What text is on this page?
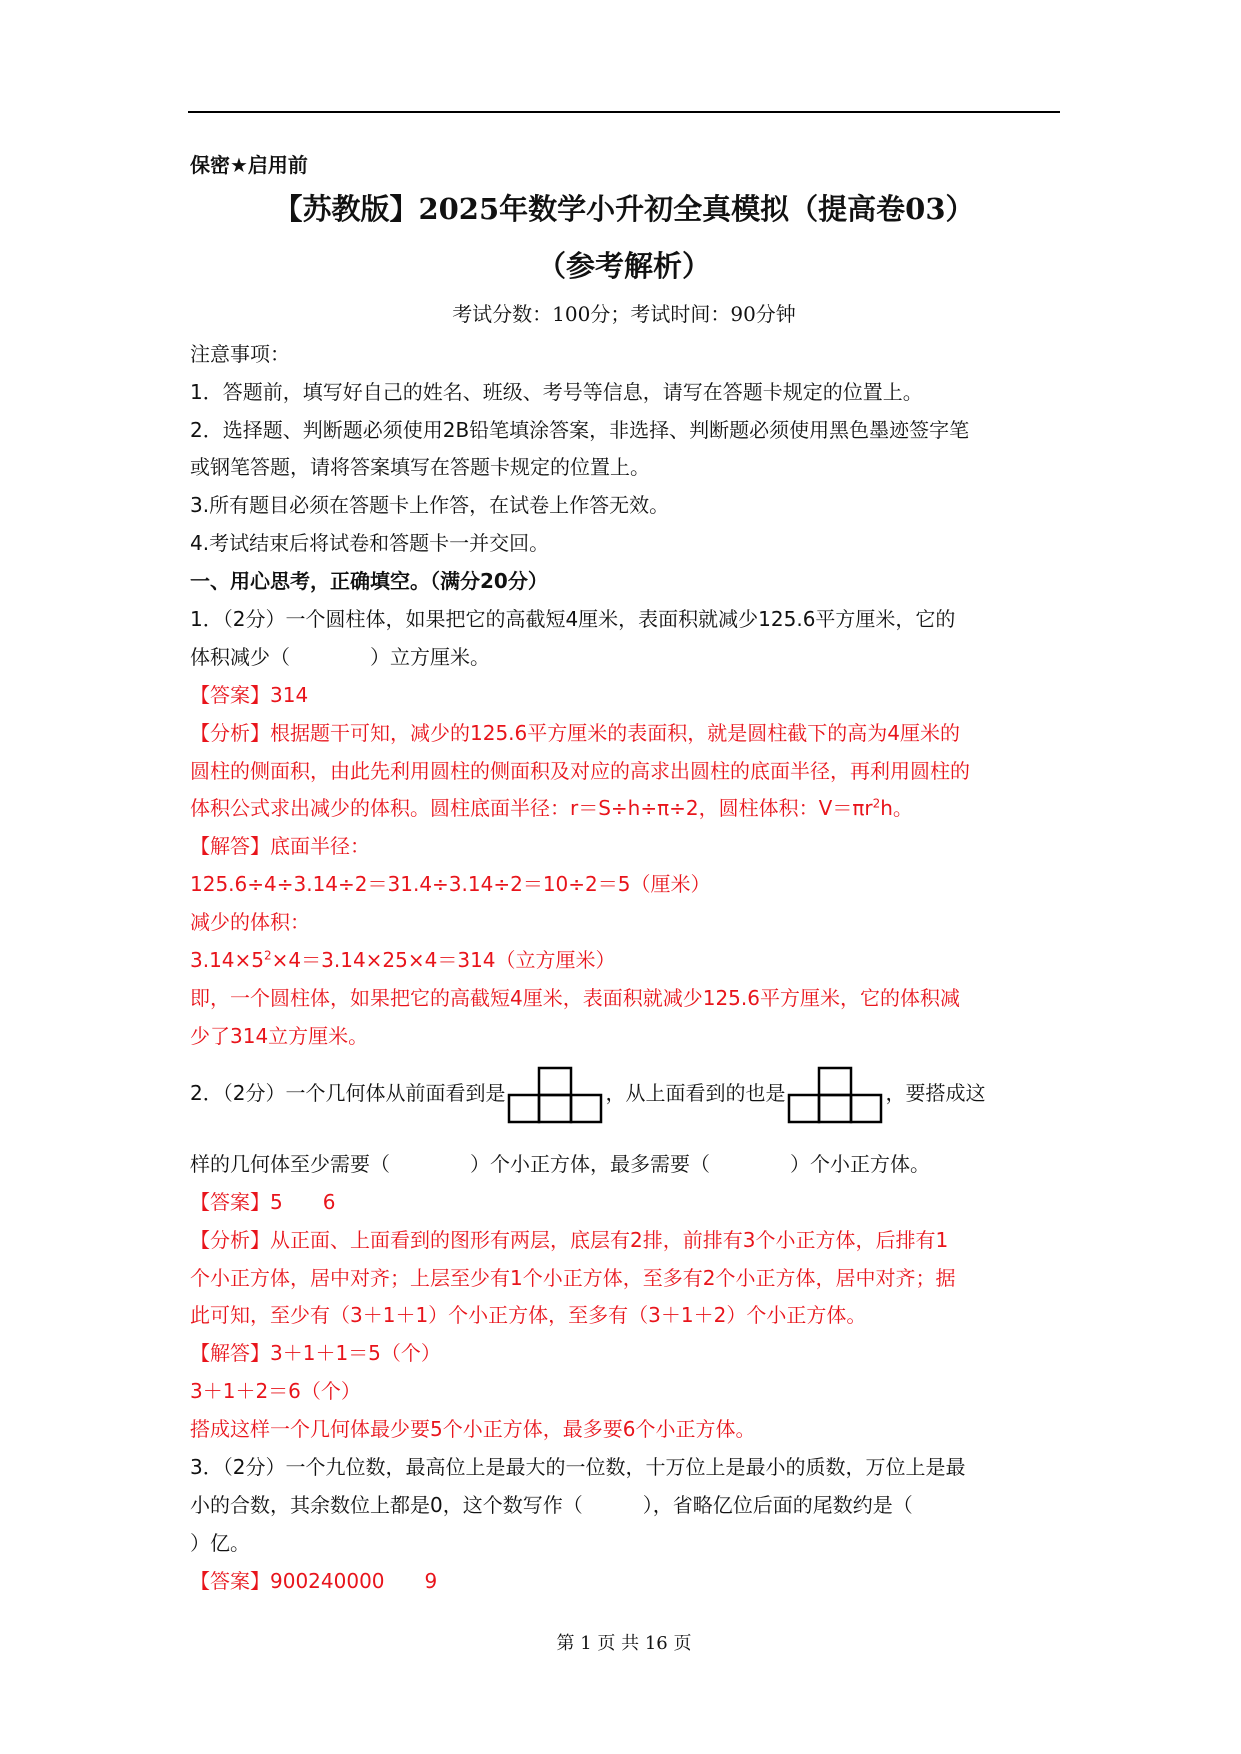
保密★启用前
【苏教版】2025年数学小升初全真模拟（提高卷03）
（参考解析）
考试分数：100分；考试时间：90分钟
注意事项：
1．答题前，填写好自己的姓名、班级、考号等信息，请写在答题卡规定的位置上。
2．选择题、判断题必须使用2B铅笔填涂答案，非选择、判断题必须使用黑色墨迹签字笔
或钢笔答题，请将答案填写在答题卡规定的位置上。
3.所有题目必须在答题卡上作答，在试卷上作答无效。
4.考试结束后将试卷和答题卡一并交回。
一、用心思考，正确填空。（满分20分）
1．（2分）一个圆柱体，如果把它的高截短4厘米，表面积就减少125.6平方厘米，它的
体积减少（　　　　）立方厘米。
【答案】314
【分析】根据题干可知，减少的125.6平方厘米的表面积，就是圆柱截下的高为4厘米的
圆柱的侧面积，由此先利用圆柱的侧面积及对应的高求出圆柱的底面半径，再利用圆柱的
体积公式求出减少的体积。圆柱底面半径：r＝S÷h÷π÷2，圆柱体积：$V=\pi r^2h$。
【解答】底面半径：
125.6÷4÷3.14÷2＝31.4÷3.14÷2＝10÷2＝5（厘米）
减少的体积：
$3.14\times 5^2\times 4=3.14\times 25\times 4=314$（立方厘米）
即，一个圆柱体，如果把它的高截短4厘米，表面积就减少125.6平方厘米，它的体积减
少了314立方厘米。
2．（2分）一个几何体从前面看到是	，从上面看到的也是	，要搭成这
样的几何体至少需要（　　　　）个小正方体，最多需要（　　　　）个小正方体。
【答案】5　　6
【分析】从正面、上面看到的图形有两层，底层有2排，前排有3个小正方体，后排有1
个小正方体，居中对齐；上层至少有1个小正方体，至多有2个小正方体，居中对齐；据
此可知，至少有（3＋1＋1）个小正方体，至多有（3＋1＋2）个小正方体。
【解答】3＋1＋1＝5（个）
3＋1＋2＝6（个）
搭成这样一个几何体最少要5个小正方体，最多要6个小正方体。
3．（2分）一个九位数，最高位上是最大的一位数，十万位上是最小的质数，万位上是最
小的合数，其余数位上都是0，这个数写作（　　　），省略亿位后面的尾数约是（
）亿。
【答案】900240000　　9
第 1 页 共 16 页
